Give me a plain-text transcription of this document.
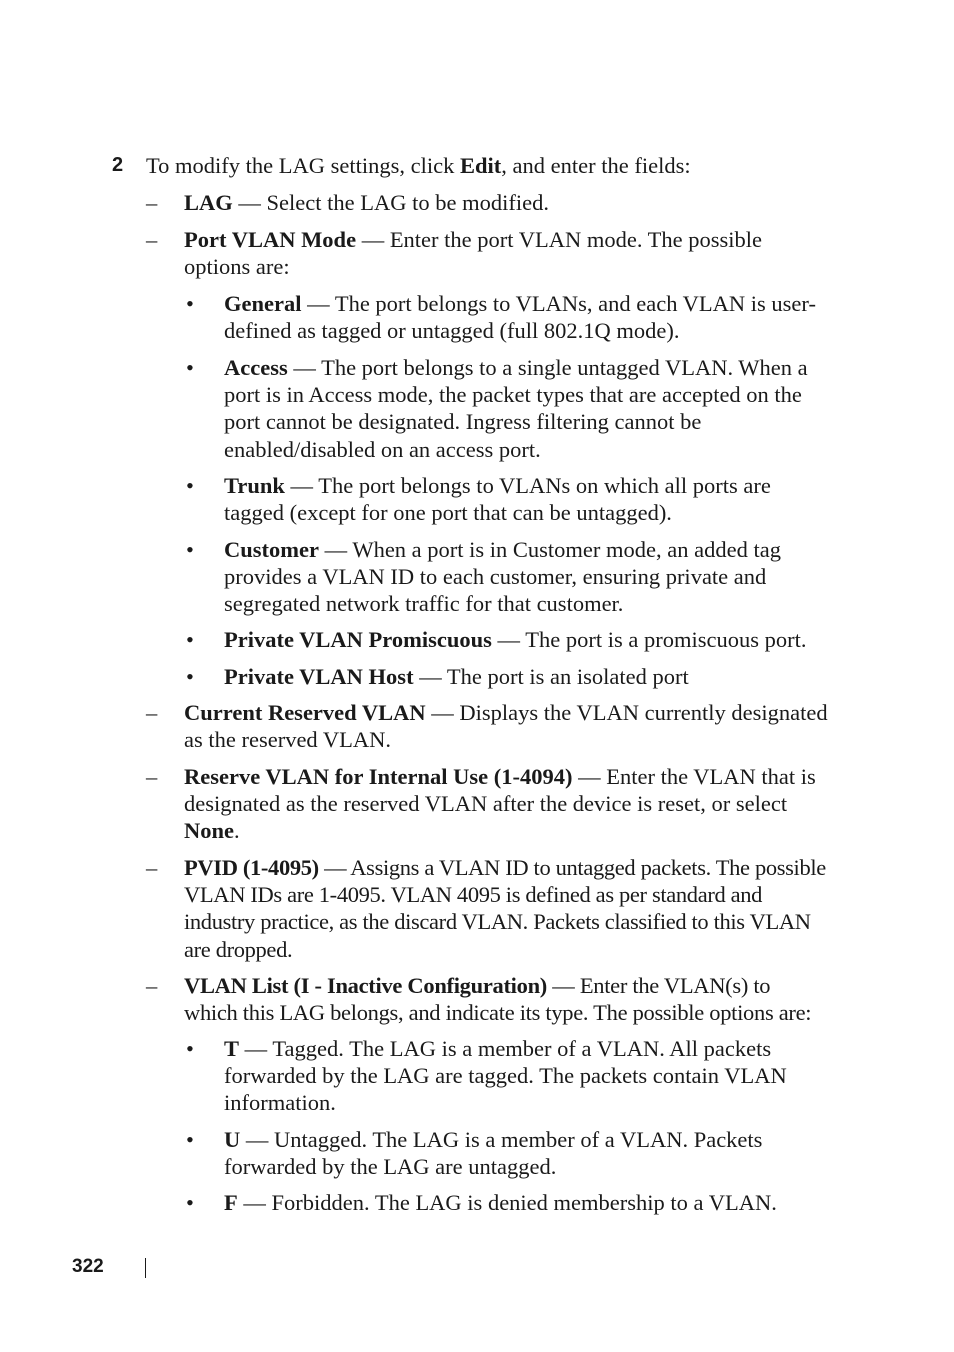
2 To modify the LAG settings, click Edit, and enter the fields:
– LAG — Select the LAG to be modified.
– Port VLAN Mode — Enter the port VLAN mode. The possible options are:
• General — The port belongs to VLANs, and each VLAN is user-defined as tagged or untagged (full 802.1Q mode).
• Access — The port belongs to a single untagged VLAN. When a port is in Access mode, the packet types that are accepted on the port cannot be designated. Ingress filtering cannot be enabled/disabled on an access port.
• Trunk — The port belongs to VLANs on which all ports are tagged (except for one port that can be untagged).
• Customer — When a port is in Customer mode, an added tag provides a VLAN ID to each customer, ensuring private and segregated network traffic for that customer.
• Private VLAN Promiscuous — The port is a promiscuous port.
• Private VLAN Host — The port is an isolated port
– Current Reserved VLAN — Displays the VLAN currently designated as the reserved VLAN.
– Reserve VLAN for Internal Use (1-4094) — Enter the VLAN that is designated as the reserved VLAN after the device is reset, or select None.
– PVID (1-4095) — Assigns a VLAN ID to untagged packets. The possible VLAN IDs are 1-4095. VLAN 4095 is defined as per standard and industry practice, as the discard VLAN. Packets classified to this VLAN are dropped.
– VLAN List (I - Inactive Configuration) — Enter the VLAN(s) to which this LAG belongs, and indicate its type. The possible options are:
• T — Tagged. The LAG is a member of a VLAN. All packets forwarded by the LAG are tagged. The packets contain VLAN information.
• U — Untagged. The LAG is a member of a VLAN. Packets forwarded by the LAG are untagged.
• F — Forbidden. The LAG is denied membership to a VLAN.
322
